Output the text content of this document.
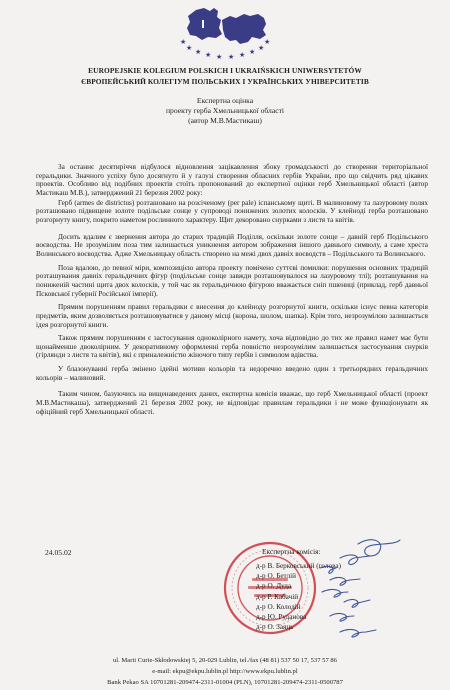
★ ★ ★ ★ ★ ★ ★ ★
★	★
EUROPEJSKIE KOLEGIUM POLSKICH I UKRAIŃSKICH UNIWERSYTETÓW
ЄВРОПЕЙСЬКИЙ КОЛЕГІУМ ПОЛЬСЬКИХ І УКРАЇНСЬКИХ УНІВЕРСИТЕТІВ
Експертна оцінка
проекту герба Хмельницької області
(автор М.В.Мастикаш)

За останнє десятиріччя відбулося відновлення зацікавлення збоку громадськості до створення територіальної геральдики. Значного успіху було досягнуто й у галузі створення обласних гербів України, про що свідчить ряд цікавих проектів. Особливо від подібних проектів стоїть пропонований до експертної оцінки герб Хмельницької області (автор Мастикаш М.В.), затверджений 21 березня 2002 року:

Герб (armes de districtus) розташовано на розсіченому (per pale) іспанському щиті. В малиновому та лазуровому полях розташовано підвищене золоте подільське сонце у супроводі понижених золотих колосків. У клейноді герба розташовано розгорнуту книгу, покрито наметом рослинного характеру. Щит декоровано снурками з листя та квітів.

Досить вдалим є звернення автора до старих традицій Поділля, оскільки золоте сонце – давній герб Подільського воєводства. Не зрозумілим поза тим залишається уникнення автором зображення іншого давнього символу, а саме хреста Волинського воєводства. Адже Хмельницьку область створено на межі двох давніх воєводств – Подільського та Волинського.

Поза вдалою, до певної міри, композицією автора проекту помічено суттєві помилки: порушення основних традицій розташування давніх геральдичних фігур (подільське сонце завжди розташовувалося на лазуровому тлі); розташування на пониженій частині щита двох колосків, у той час як геральдичною фігурою вважається сніп пшениці (приклад, герб давньої Псковської губернії Російської імперії).

Прямим порушенням правил геральдики є внесення до клейноду розгорнутої книги, оскільки існує певна категорія предметів, яким дозволяється розташовуватися у даному місці (корона, шолом, шапка). Крім того, незрозумілою залишається ідея розгорнутої книги.

Також прямим порушенням є застосування одноколірного намету, хоча відповідно до тих же правил намет має бути щонайменше двоколірним. У декоративному оформленні герба повністю незрозумілим залишається застосування снурків (гірлянди з листя та квітів), які є приналежністю жіночого типу гербів і символом вдівства.

У блазонуванні герба змінено ідейні мотиви кольорів та недоречно введено один з третьорядних геральдичних кольорів – малиновий.

Таким чином, базуючись на вищенаведених даних, експертна комісія вважає, що герб Хмельницької області (проект М.В.Мастикаша), затверджений 21 березня 2002 року, не відповідає правилам геральдики і не може функціонувати як офіційний герб Хмельницької області.

24.05.02	Експертна комісія:
д-р В. Берковський (голова)
д-р О. Бетлій
д-р О. Дуда
д-р Р. Кабачій
д-р О. Колодій
д-р Ю. Руданова
д-р О. Заяць
ul. Marii Curie-Skłodowskiej 5, 20-029 Lublin, tel./fax (48 81) 537 50 17, 537 57 86
e-mail: ekpu@ekpu.lublin.pl http://www.ekpu.lublin.pl
Bank Pekao SA 10701281-209474-2311-01004 (PLN), 10701281-209474-2311-0500787
